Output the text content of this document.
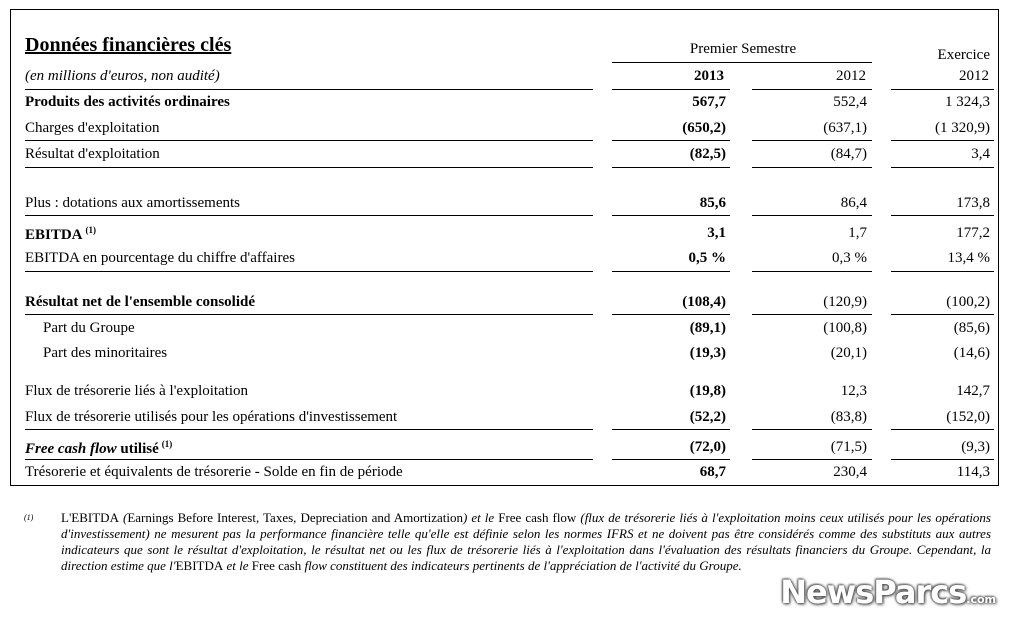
Données financières clés
(en millions d'euros, non audité)
Premier Semestre
2013	2012
Exercice
2012
Produits des activités ordinaires	567,7	552,4	1 324,3
Charges d'exploitation	(650,2)	(637,1)	(1 320,9)
Résultat d'exploitation	(82,5)	(84,7)	3,4
Plus : dotations aux amortissements	85,6	86,4	173,8
EBITDA $^{(1)}$	3,1	1,7	177,2
EBITDA en pourcentage du chiffre d'affaires	0,5 %	0,3 %	13,4 %
Résultat net de l'ensemble consolidé	(108,4)	(120,9)	(100,2)
Part du Groupe	(89,1)	(100,8)	(85,6)
Part des minoritaires	(19,3)	(20,1)	(14,6)
Flux de trésorerie liés à l'exploitation	(19,8)	12,3	142,7
Flux de trésorerie utilisés pour les opérations d'investissement	(52,2)	(83,8)	(152,0)
Free cash flow utilisé $^{(1)}$	(72,0)	(71,5)	(9,3)
Trésorerie et équivalents de trésorerie - Solde en fin de période	68,7	230,4	114,3
(1) L'EBITDA (Earnings Before Interest, Taxes, Depreciation and Amortization) et le Free cash flow (flux de trésorerie liés à l'exploitation moins ceux utilisés pour les opérations d'investissement) ne mesurent pas la performance financière telle qu'elle est définie selon les normes IFRS et ne doivent pas être considérés comme des substituts aux autres indicateurs que sont le résultat d'exploitation, le résultat net ou les flux de trésorerie liés à l'exploitation dans l'évaluation des résultats financiers du Groupe. Cependant, la direction estime que l'EBITDA et le Free cash flow constituent des indicateurs pertinents de l'appréciation de l'activité du Groupe.
NewsParcs.com
